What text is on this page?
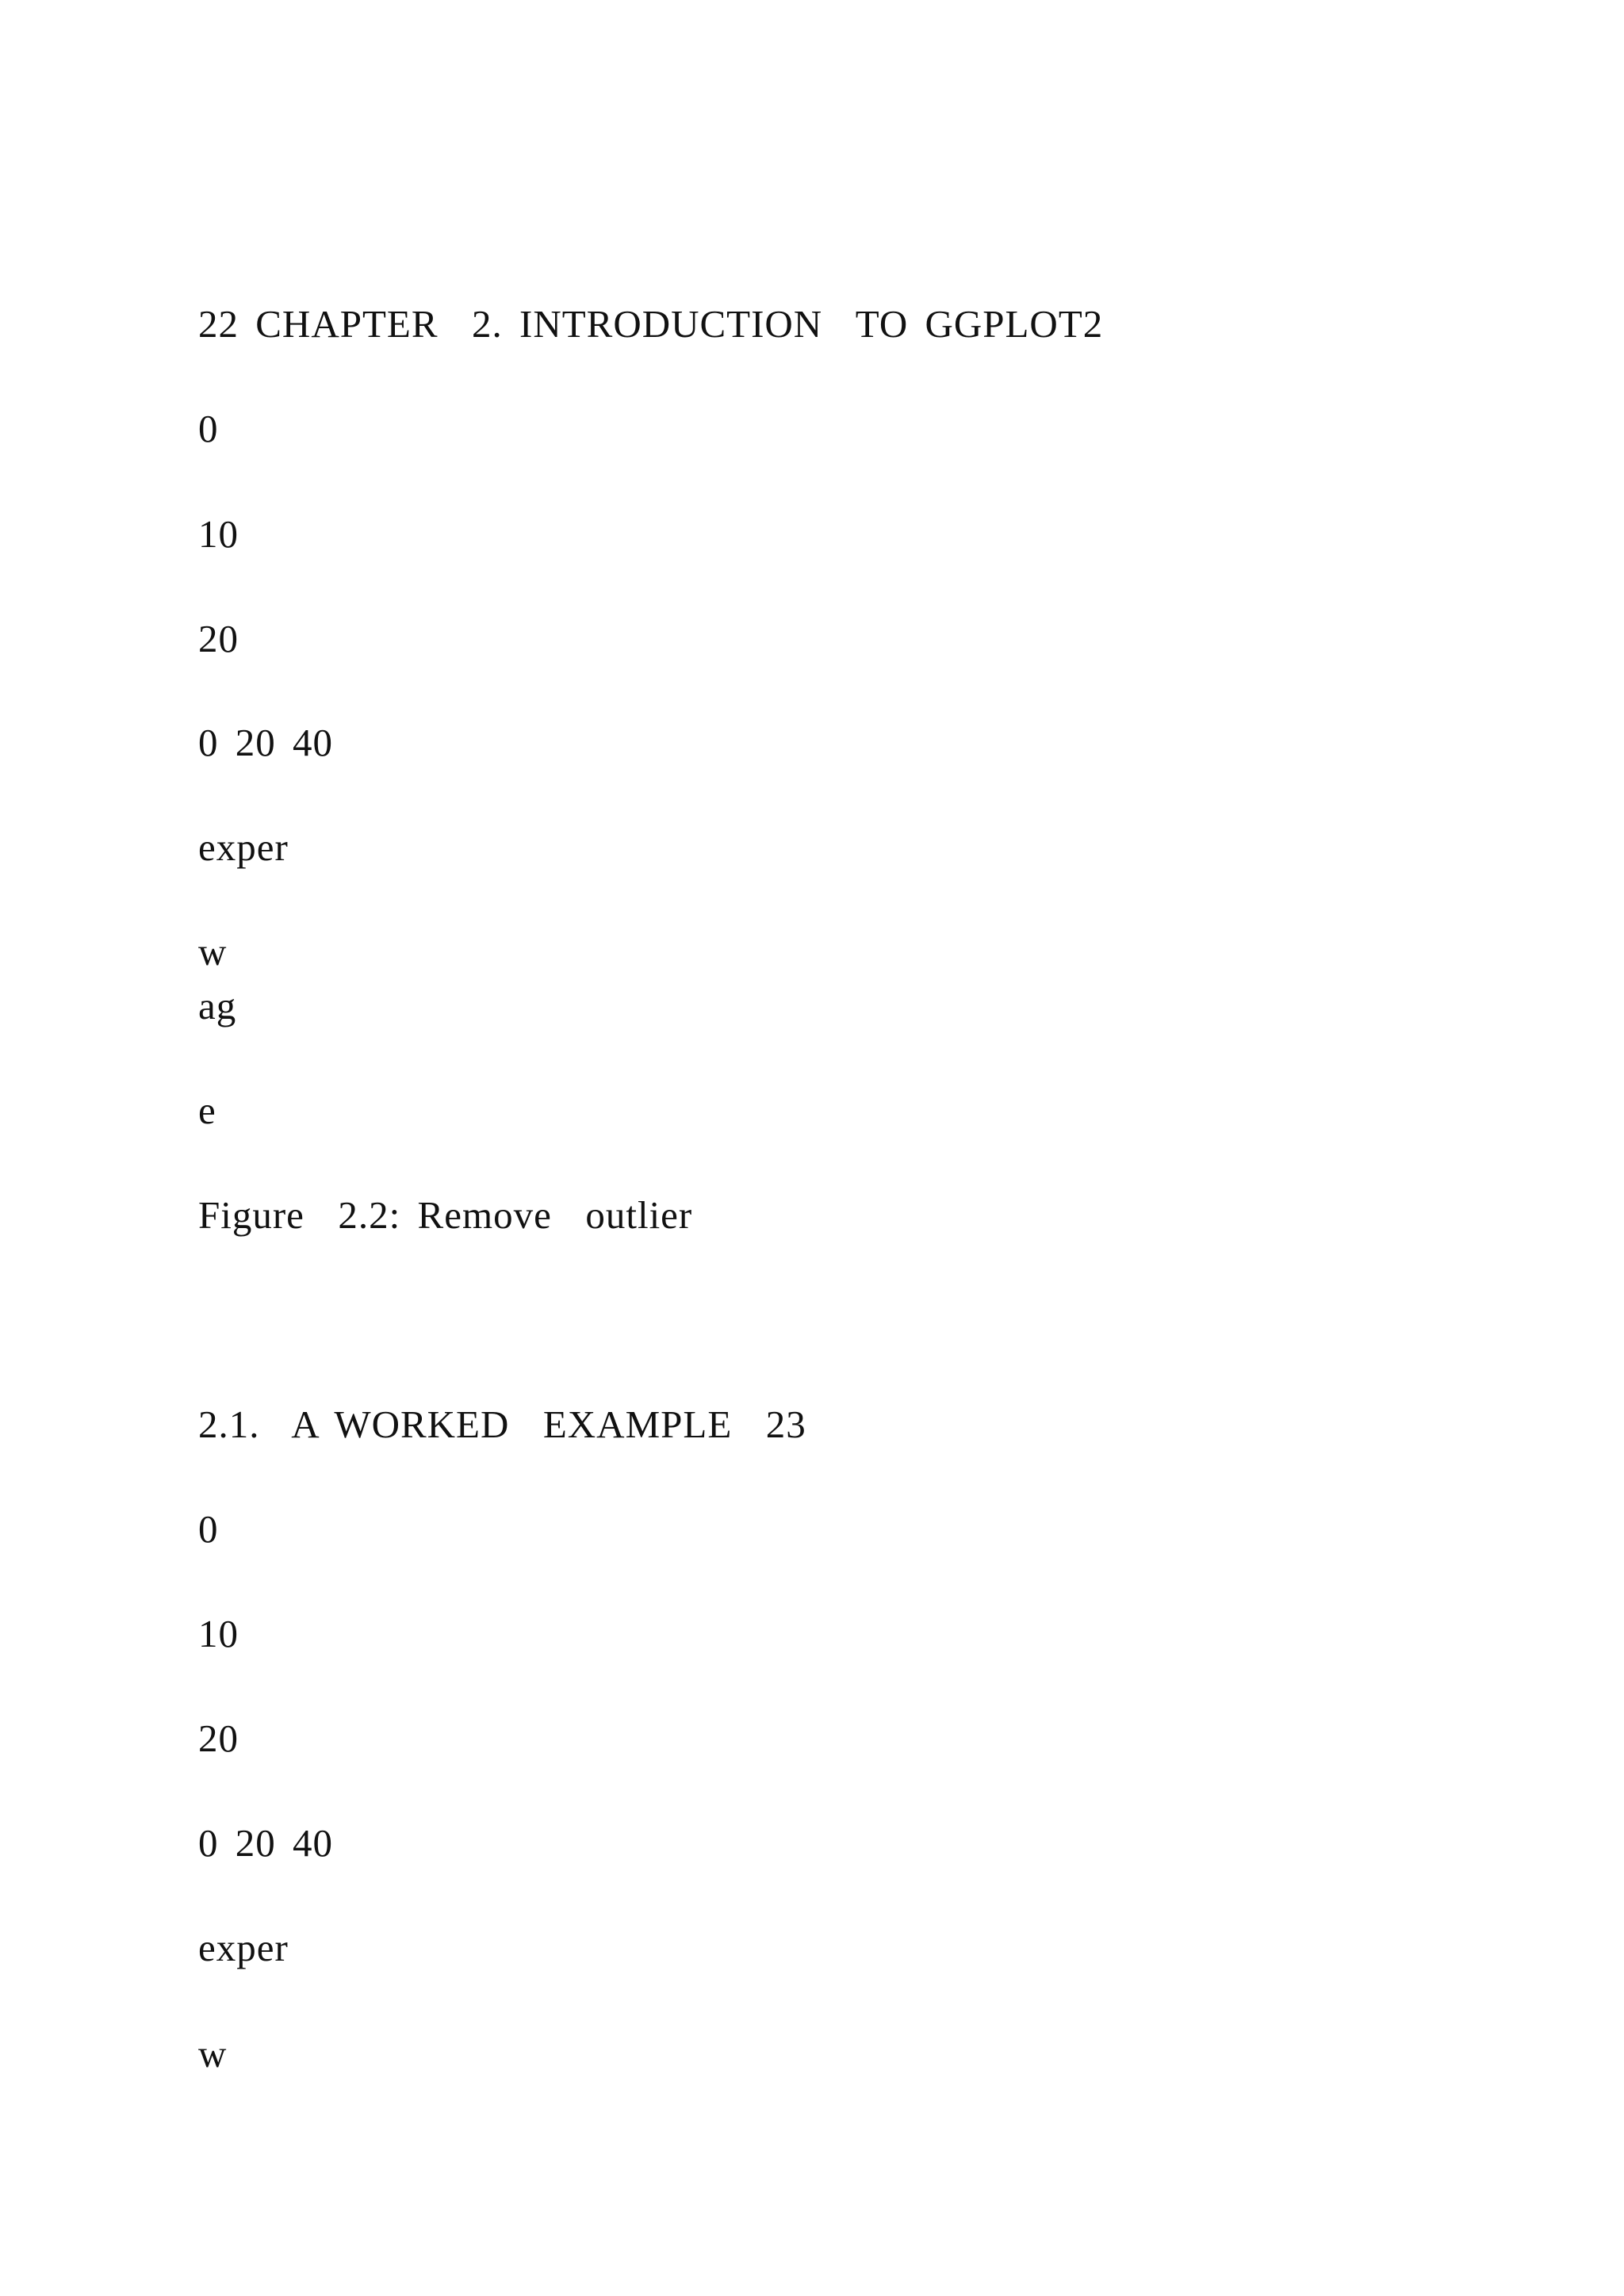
22 CHAPTER  2. INTRODUCTION  TO GGPLOT2

0

10

20

0 20 40

exper

w

ag

e

Figure  2.2: Remove  outlier

2.1.  A WORKED  EXAMPLE  23

0

10

20

0 20 40

exper

w
